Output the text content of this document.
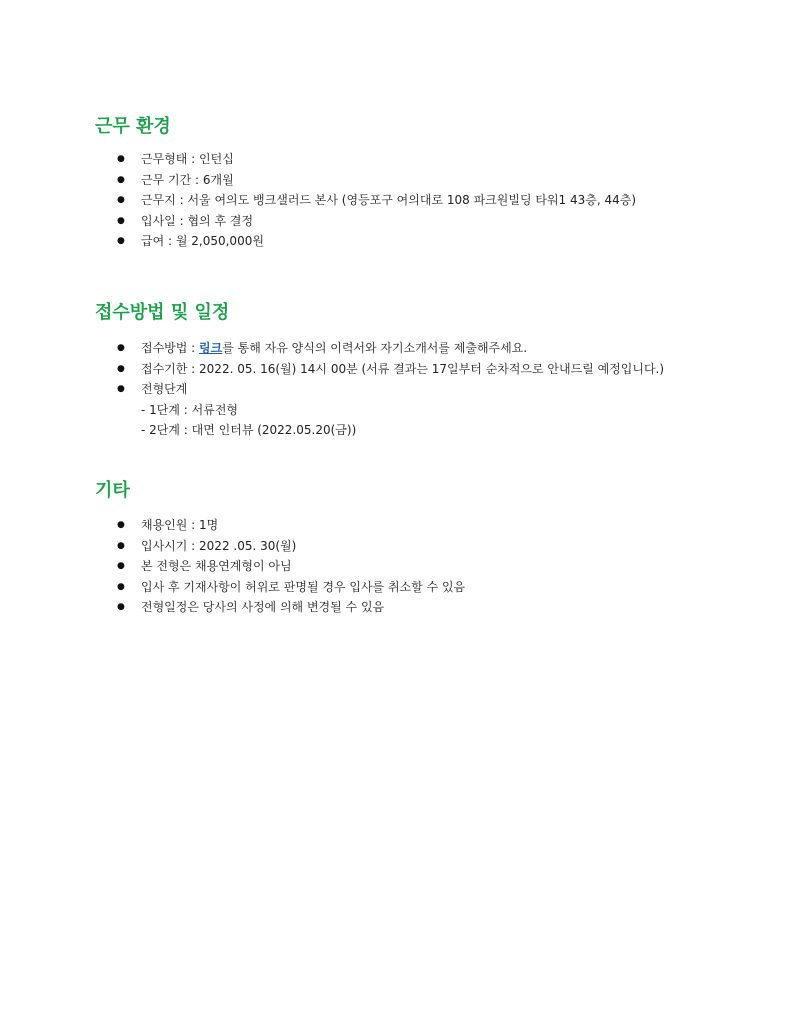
근무 환경
● 근무형태 : 인턴십
● 근무 기간 : 6개월
● 근무지 : 서울 여의도 뱅크샐러드 본사 (영등포구 여의대로 108 파크원빌딩 타워1 43층, 44층)
● 입사일 : 협의 후 결정
● 급여 : 월 2,050,000원
접수방법 및 일정
● 접수방법 : 링크를 통해 자유 양식의 이력서와 자기소개서를 제출해주세요.
● 접수기한 : 2022. 05. 16(월) 14시 00분 (서류 결과는 17일부터 순차적으로 안내드릴 예정입니다.)
● 전형단계
- 1단계 : 서류전형
- 2단계 : 대면 인터뷰 (2022.05.20(금))
기타
● 채용인원 : 1명
● 입사시기 : 2022 .05. 30(월)
● 본 전형은 채용연계형이 아님
● 입사 후 기재사항이 허위로 판명될 경우 입사를 취소할 수 있음
● 전형일정은 당사의 사정에 의해 변경될 수 있음
